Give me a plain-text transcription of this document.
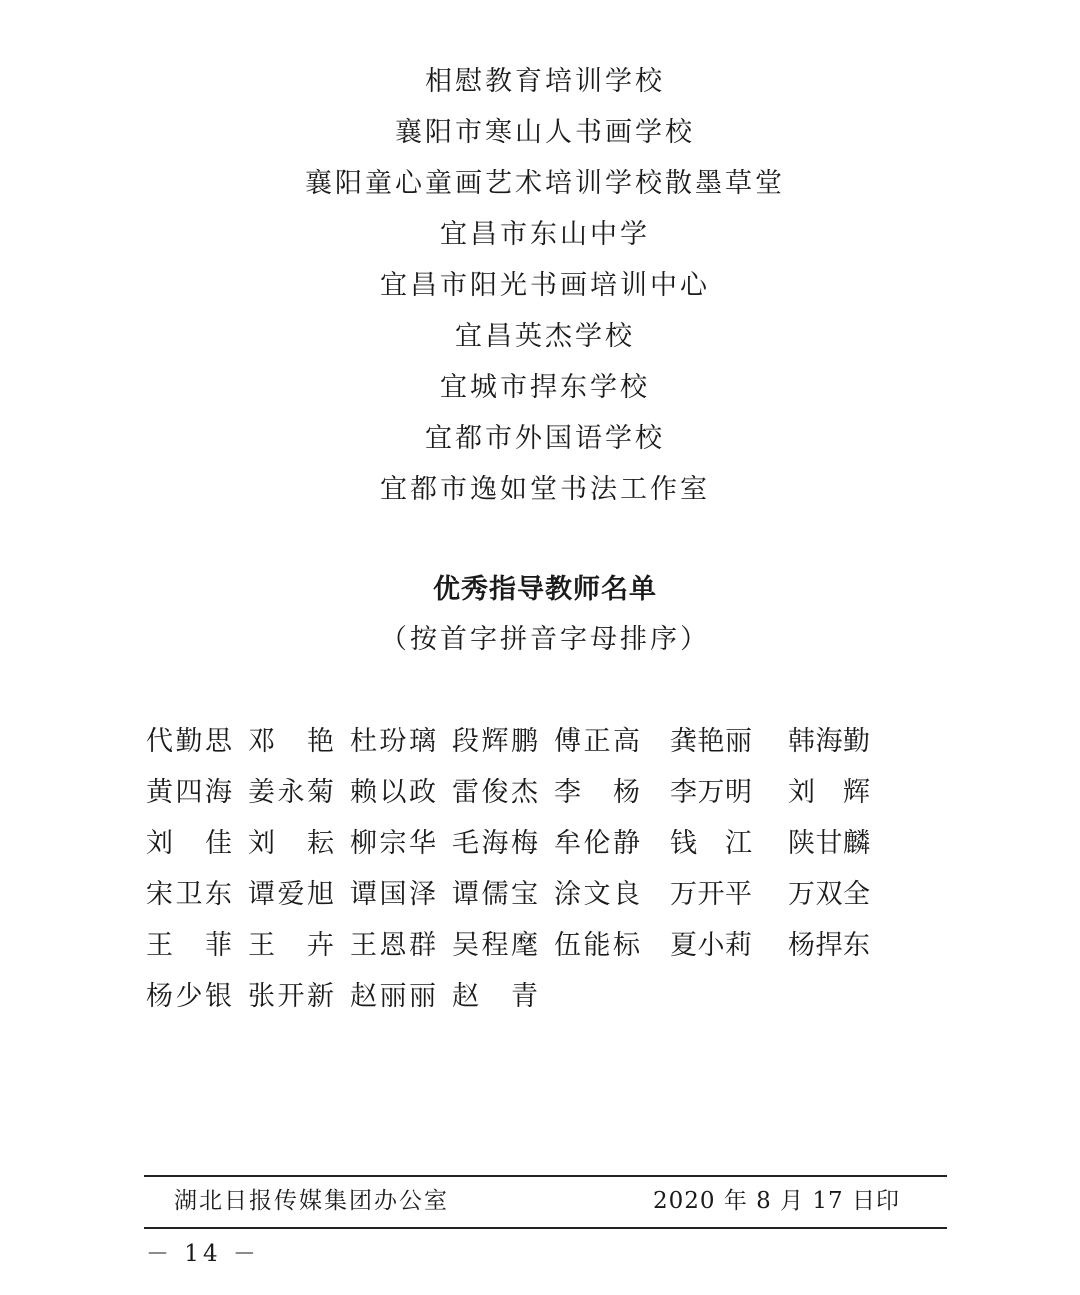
相慰教育培训学校
襄阳市寒山人书画学校
襄阳童心童画艺术培训学校散墨草堂
宜昌市东山中学
宜昌市阳光书画培训中心
宜昌英杰学校
宜城市捍东学校
宜都市外国语学校
宜都市逸如堂书法工作室
优秀指导教师名单
（按首字拼音字母排序）
代 勤 思 邓 艳 杜 玢 璃 段 辉 鹏 傅 正 高 龚 艳 丽 韩 海 勤
黄 四 海 姜 永 菊 赖 以 政 雷 俊 杰 李 杨 李 万 明 刘 辉
刘 佳 刘 耘 柳 宗 华 毛 海 梅 牟 伦 静 钱 江 陕 甘 麟
宋 卫 东 谭 爱 旭 谭 国 泽 谭 儒 宝 涂 文 良 万 开 平 万 双 全
王 菲 王 卉 王 恩 群 吴 程 麾 伍 能 标 夏 小 莉 杨 捍 东
杨 少 银 张 开 新 赵 丽 丽 赵 青
湖北日报传媒集团办公室	2020 年 8 月 17 日印
－ 14 －
